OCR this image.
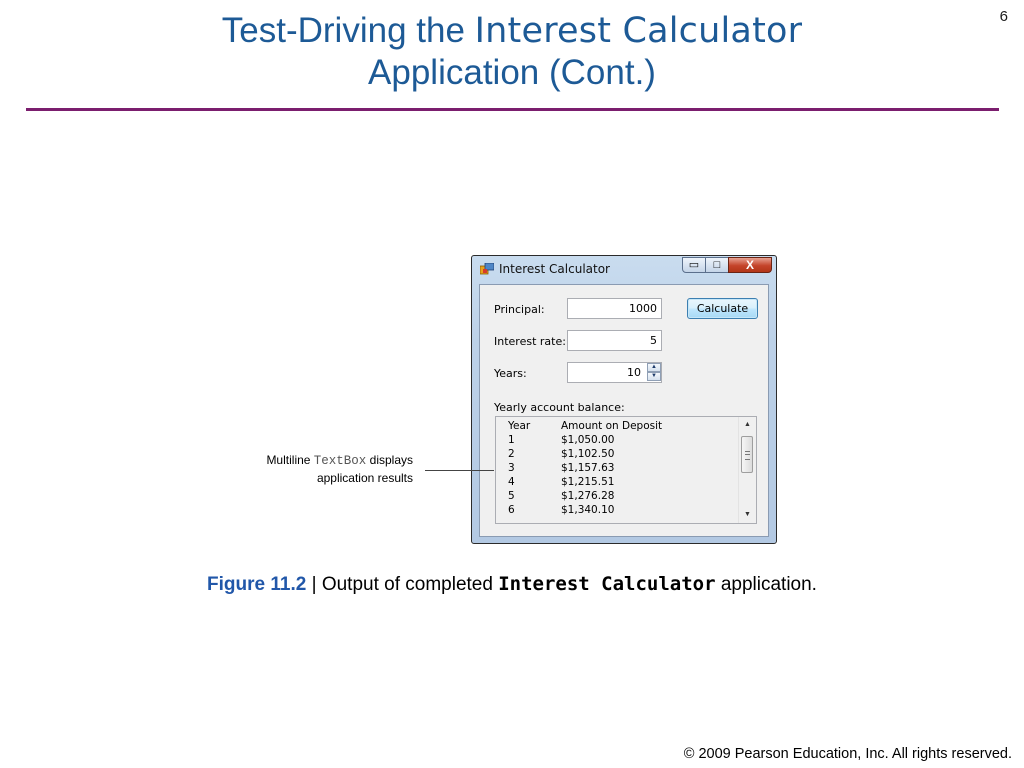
6
Test-Driving the Interest Calculator
Application (Cont.)
Interest Calculator	▭	□	X
Principal:	1000	Calculate
Interest rate:	5
Years:	10	▲
▼
Yearly account balance:
Year	Amount on Deposit
1	$1,050.00
2	$1,102.50
3	$1,157.63
4	$1,215.51
5	$1,276.28
6	$1,340.10
▲
▼
Multiline TextBox displays
application results
Figure 11.2 | Output of completed Interest Calculator application.
© 2009 Pearson Education, Inc. All rights reserved.
